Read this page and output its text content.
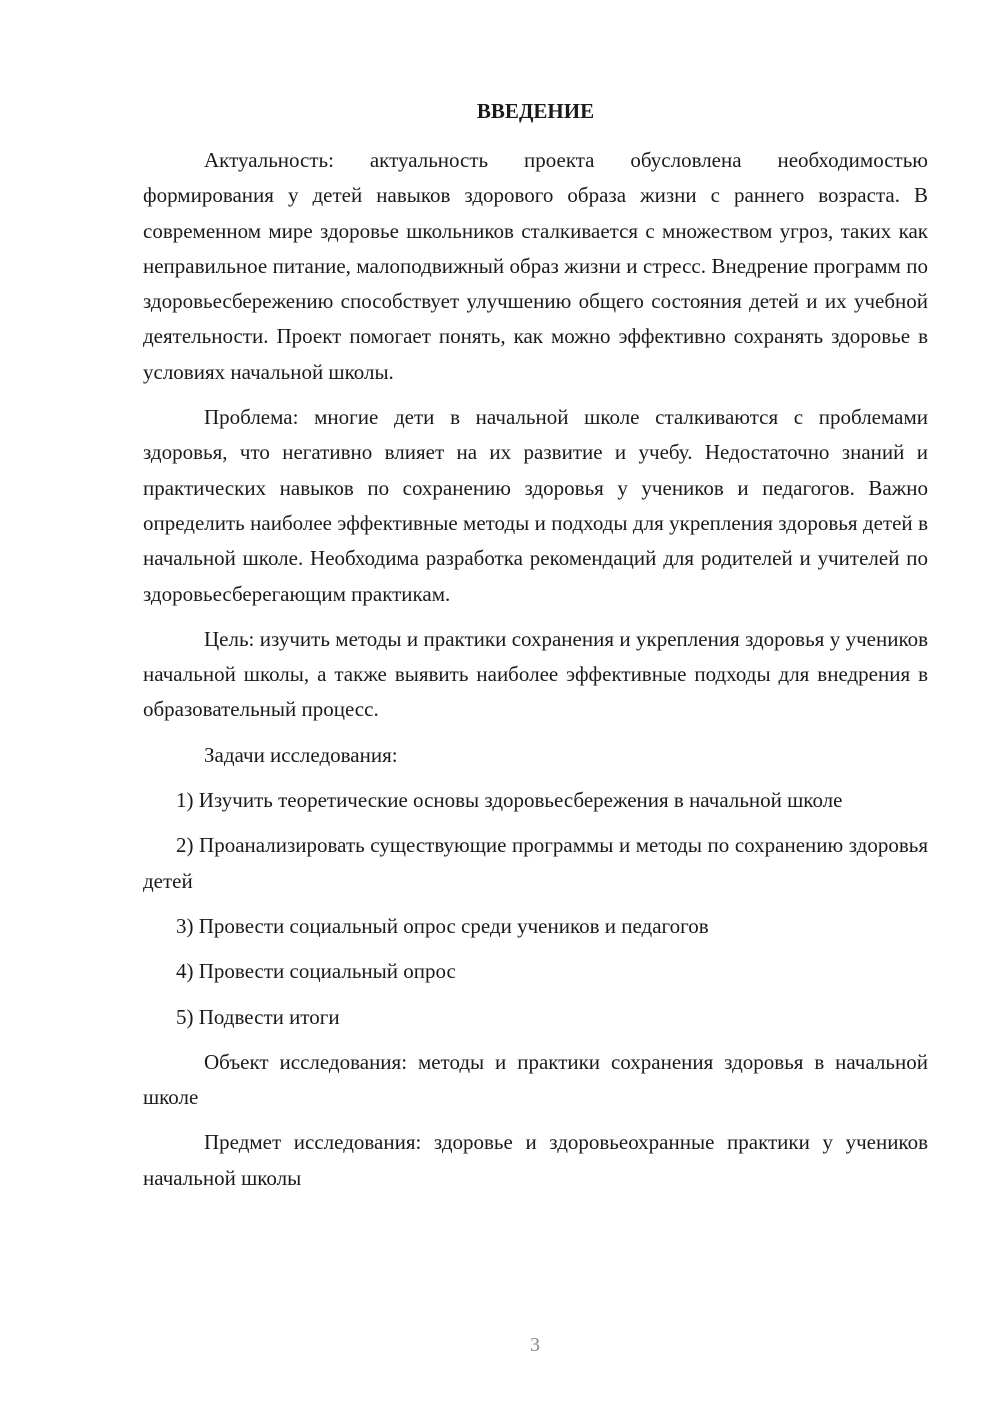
ВВЕДЕНИЕ

Актуальность: актуальность проекта обусловлена необходимостью формирования у детей навыков здорового образа жизни с раннего возраста. В современном мире здоровье школьников сталкивается с множеством угроз, таких как неправильное питание, малоподвижный образ жизни и стресс. Внедрение программ по здоровьесбережению способствует улучшению общего состояния детей и их учебной деятельности. Проект помогает понять, как можно эффективно сохранять здоровье в условиях начальной школы.

Проблема: многие дети в начальной школе сталкиваются с проблемами здоровья, что негативно влияет на их развитие и учебу. Недостаточно знаний и практических навыков по сохранению здоровья у учеников и педагогов. Важно определить наиболее эффективные методы и подходы для укрепления здоровья детей в начальной школе. Необходима разработка рекомендаций для родителей и учителей по здоровьесберегающим практикам.

Цель: изучить методы и практики сохранения и укрепления здоровья у учеников начальной школы, а также выявить наиболее эффективные подходы для внедрения в образовательный процесс.

Задачи исследования:

1) Изучить теоретические основы здоровьесбережения в начальной школе

2) Проанализировать существующие программы и методы по сохранению здоровья детей

3) Провести социальный опрос среди учеников и педагогов

4) Провести социальный опрос

5) Подвести итоги

Объект исследования: методы и практики сохранения здоровья в начальной школе

Предмет исследования: здоровье и здоровьеохранные практики у учеников начальной школы

3
